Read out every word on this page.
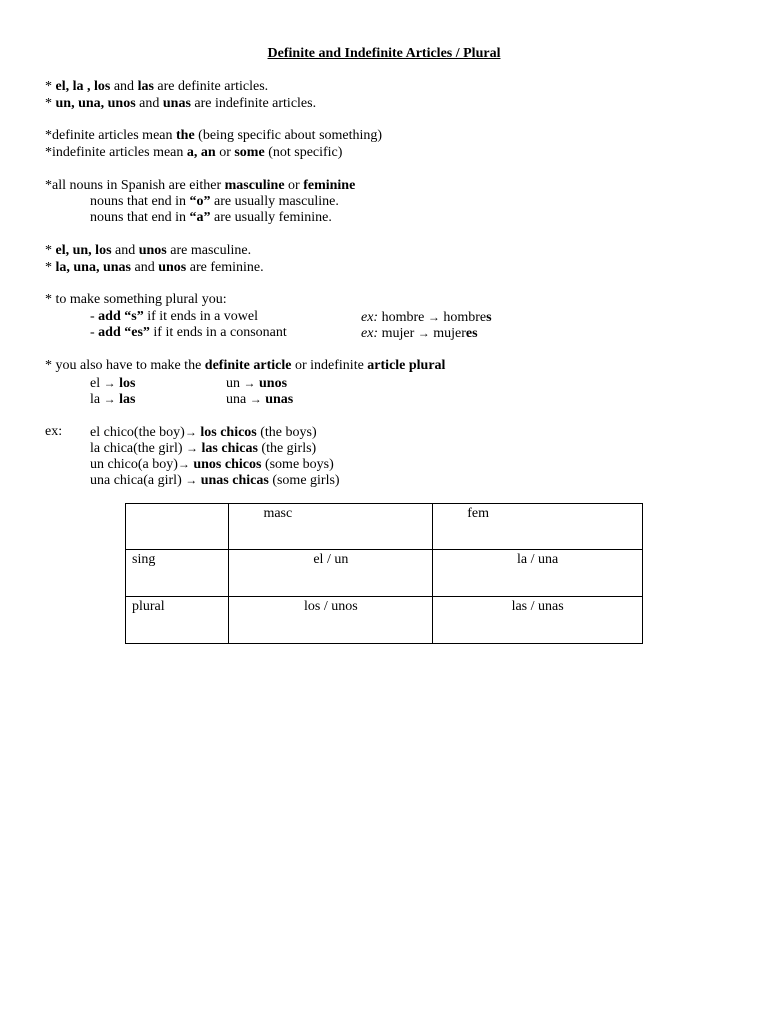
Definite and Indefinite Articles / Plural
* el, la , los and las are definite articles.
* un, una, unos and unas are indefinite articles.
*definite articles mean the (being specific about something)
*indefinite articles mean a, an or some (not specific)
*all nouns in Spanish are either masculine or feminine
nouns that end in “o” are usually masculine.
nouns that end in “a” are usually feminine.
* el, un, los and unos are masculine.
* la, una, unas and unos are feminine.
* to make something plural you:
- add “s” if it ends in a vowel	ex: hombre → hombres
- add “es” if it ends in a consonant	ex: mujer → mujeres
* you also have to make the definite article or indefinite article plural
el → los	un → unos
la → las	una → unas
ex: el chico(the boy)→ los chicos (the boys)
la chica(the girl) → las chicas (the girls)
un chico(a boy)→ unos chicos (some boys)
una chica(a girl) → unas chicas (some girls)
	masc	fem
sing	el / un	la / una
plural	los / unos	las / unas
